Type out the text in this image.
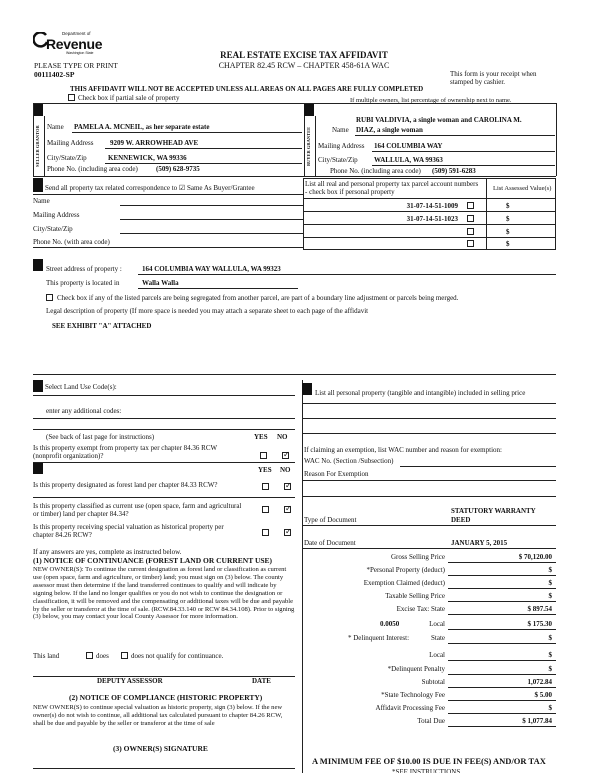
Department of
Revenue
Washington State
PLEASE TYPE OR PRINT
00111402-SP
REAL ESTATE EXCISE TAX AFFIDAVIT
CHAPTER 82.45 RCW – CHAPTER 458-61A WAC
This form is your receipt when stamped by cashier.
THIS AFFIDAVIT WILL NOT BE ACCEPTED UNLESS ALL AREAS ON ALL PAGES ARE FULLY COMPLETED
Check box if partial sale of property	If multiple owners, list percentage of ownership next to name.
SELLER GRANTOR	BUYER GRANTEE
Name PAMELA A. MCNEIL, as her separate estate
Mailing Address 9209 W. ARROWHEAD AVE
City/State/Zip	KENNEWICK, WA 99336
Phone No. (including area code)	(509) 628-9735
RUBI VALDIVIA, a single woman and CAROLINA M.
Name DIAZ, a single woman
Mailing Address 164 COLUMBIA WAY
City/State/Zip WALLULA, WA 99363
Phone No. (including area code) (509) 591-6283
Send all property tax related correspondence to ☑ Same As Buyer/Grantee
Name
Mailing Address
City/State/Zip
Phone No. (with area code)
List all real and personal property tax parcel account numbers - check box if personal property	List Assessed Value(s)
31-07-14-51-1009	$
31-07-14-51-1023	$
$
$
Street address of property :	164 COLUMBIA WAY WALLULA, WA 99323
This property is located in	Walla Walla
Check box if any of the listed parcels are being segregated from another parcel, are part of a boundary line adjustment or parcels being merged.
Legal description of property (If more space is needed you may attach a separate sheet to each page of the affidavit
SEE EXHIBIT "A" ATTACHED
Select Land Use Code(s):
enter any additional codes:
(See back of last page for instructions)	YES NO
Is this property exempt from property tax per chapter 84.36 RCW (nonprofit organization)?
✓
YES NO
Is this property designated as forest land per chapter 84.33 RCW?
✓
Is this property classified as current use (open space, farm and agricultural or timber) land per chapter 84.34?
✓
Is this property receiving special valuation as historical property per chapter 84.26 RCW?
✓
If any answers are yes, complete as instructed below.
(1) NOTICE OF CONTINUANCE (FOREST LAND OR CURRENT USE)
NEW OWNER(S): To continue the current designation as forest land or classification as current use (open space, farm and agriculture, or timber) land; you must sign on (3) below. The county assessor must then determine if the land transferred continues to qualify and will indicate by signing below. If the land no longer qualifies or you do not wish to continue the designation or classification, it will be removed and the compensating or additional taxes will be due and payable by the seller or transferor at the time of sale. (RCW.84.33.140 or RCW 84.34.108). Prior to signing (3) below, you may contact your local County Assessor for more information.
This land	does	does not qualify for continuance.
DEPUTY ASSESSOR	DATE
(2) NOTICE OF COMPLIANCE (HISTORIC PROPERTY)
NEW OWNER(S) to continue special valuation as historic property, sign (3) below. If the new owner(s) do not wish to continue, all additional tax calculated pursuant to chapter 84.26 RCW, shall be due and payable by the seller or transferor at the time of sale
(3) OWNER(S) SIGNATURE
List all personal property (tangible and intangible) included in selling price
If claiming an exemption, list WAC number and reason for exemption:
WAC No. (Section /Subsection)
Reason For Exemption
STATUTORY WARRANTY
Type of Document	DEED
Date of Document	JANUARY 5, 2015
Gross Selling Price	$ 70,120.00
*Personal Property (deduct)	$
Exemption Claimed (deduct)	$
Taxable Selling Price	$
Excise Tax: State	$ 897.54
0.0050	Local	$ 175.30
* Delinquent Interest:	State	$
Local	$
*Delinquent Penalty	$
Subtotal	1,072.84
*State Technology Fee	$ 5.00
Affidavit Processing Fee	$
Total Due	$ 1,077.84
A MINIMUM FEE OF $10.00 IS DUE IN FEE(S) AND/OR TAX
*SEE INSTRUCTIONS
